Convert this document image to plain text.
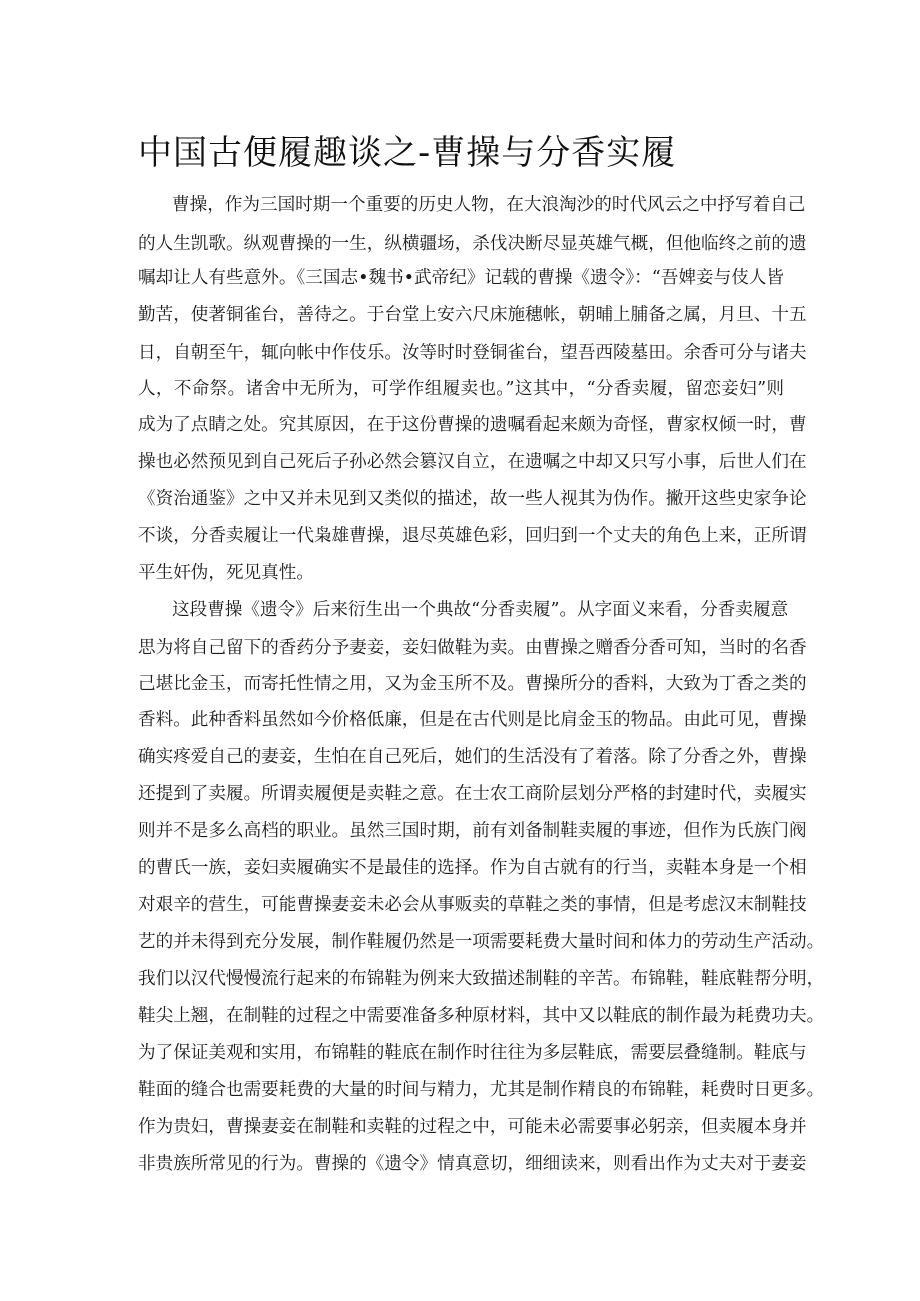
中国古便履趣谈之-曹操与分香实履
曹操，作为三国时期一个重要的历史人物，在大浪淘沙的时代风云之中抒写着自己
的人生凯歌。纵观曹操的一生，纵横疆场，杀伐决断尽显英雄气概，但他临终之前的遗
嘱却让人有些意外。《三国志•魏书•武帝纪》记载的曹操《遗令》：“吾婢妾与伎人皆
勤苦，使著铜雀台，善待之。于台堂上安六尺床施穗帐，朝晡上脯备之属，月旦、十五
日，自朝至午，辄向帐中作伎乐。汝等时时登铜雀台，望吾西陵墓田。余香可分与诸夫
人，不命祭。诸舍中无所为，可学作组履卖也。”这其中，“分香卖履，留恋妾妇”则
成为了点睛之处。究其原因，在于这份曹操的遗嘱看起来颇为奇怪，曹家权倾一时，曹
操也必然预见到自己死后子孙必然会篡汉自立，在遗嘱之中却又只写小事，后世人们在
《资治通鉴》之中又并未见到又类似的描述，故一些人视其为伪作。撇开这些史家争论
不谈，分香卖履让一代枭雄曹操，退尽英雄色彩，回归到一个丈夫的角色上来，正所谓
平生奸伪，死见真性。
这段曹操《遗令》后来衍生出一个典故“分香卖履”。从字面义来看，分香卖履意
思为将自己留下的香药分予妻妾，妾妇做鞋为卖。由曹操之赠香分香可知，当时的名香
己堪比金玉，而寄托性情之用，又为金玉所不及。曹操所分的香料，大致为丁香之类的
香料。此种香料虽然如今价格低廉，但是在古代则是比肩金玉的物品。由此可见，曹操
确实疼爱自己的妻妾，生怕在自己死后，她们的生活没有了着落。除了分香之外，曹操
还提到了卖履。所谓卖履便是卖鞋之意。在士农工商阶层划分严格的封建时代，卖履实
则并不是多么高档的职业。虽然三国时期，前有刘备制鞋卖履的事迹，但作为氏族门阀
的曹氏一族，妾妇卖履确实不是最佳的选择。作为自古就有的行当，卖鞋本身是一个相
对艰辛的营生，可能曹操妻妾未必会从事贩卖的草鞋之类的事情，但是考虑汉末制鞋技
艺的并未得到充分发展，制作鞋履仍然是一项需要耗费大量时间和体力的劳动生产活动。
我们以汉代慢慢流行起来的布锦鞋为例来大致描述制鞋的辛苦。布锦鞋，鞋底鞋帮分明，
鞋尖上翘，在制鞋的过程之中需要准备多种原材料，其中又以鞋底的制作最为耗费功夫。
为了保证美观和实用，布锦鞋的鞋底在制作时往往为多层鞋底，需要层叠缝制。鞋底与
鞋面的缝合也需要耗费的大量的时间与精力，尤其是制作精良的布锦鞋，耗费时日更多。
作为贵妇，曹操妻妾在制鞋和卖鞋的过程之中，可能未必需要事必躬亲，但卖履本身并
非贵族所常见的行为。曹操的《遗令》情真意切，细细读来，则看出作为丈夫对于妻妾
